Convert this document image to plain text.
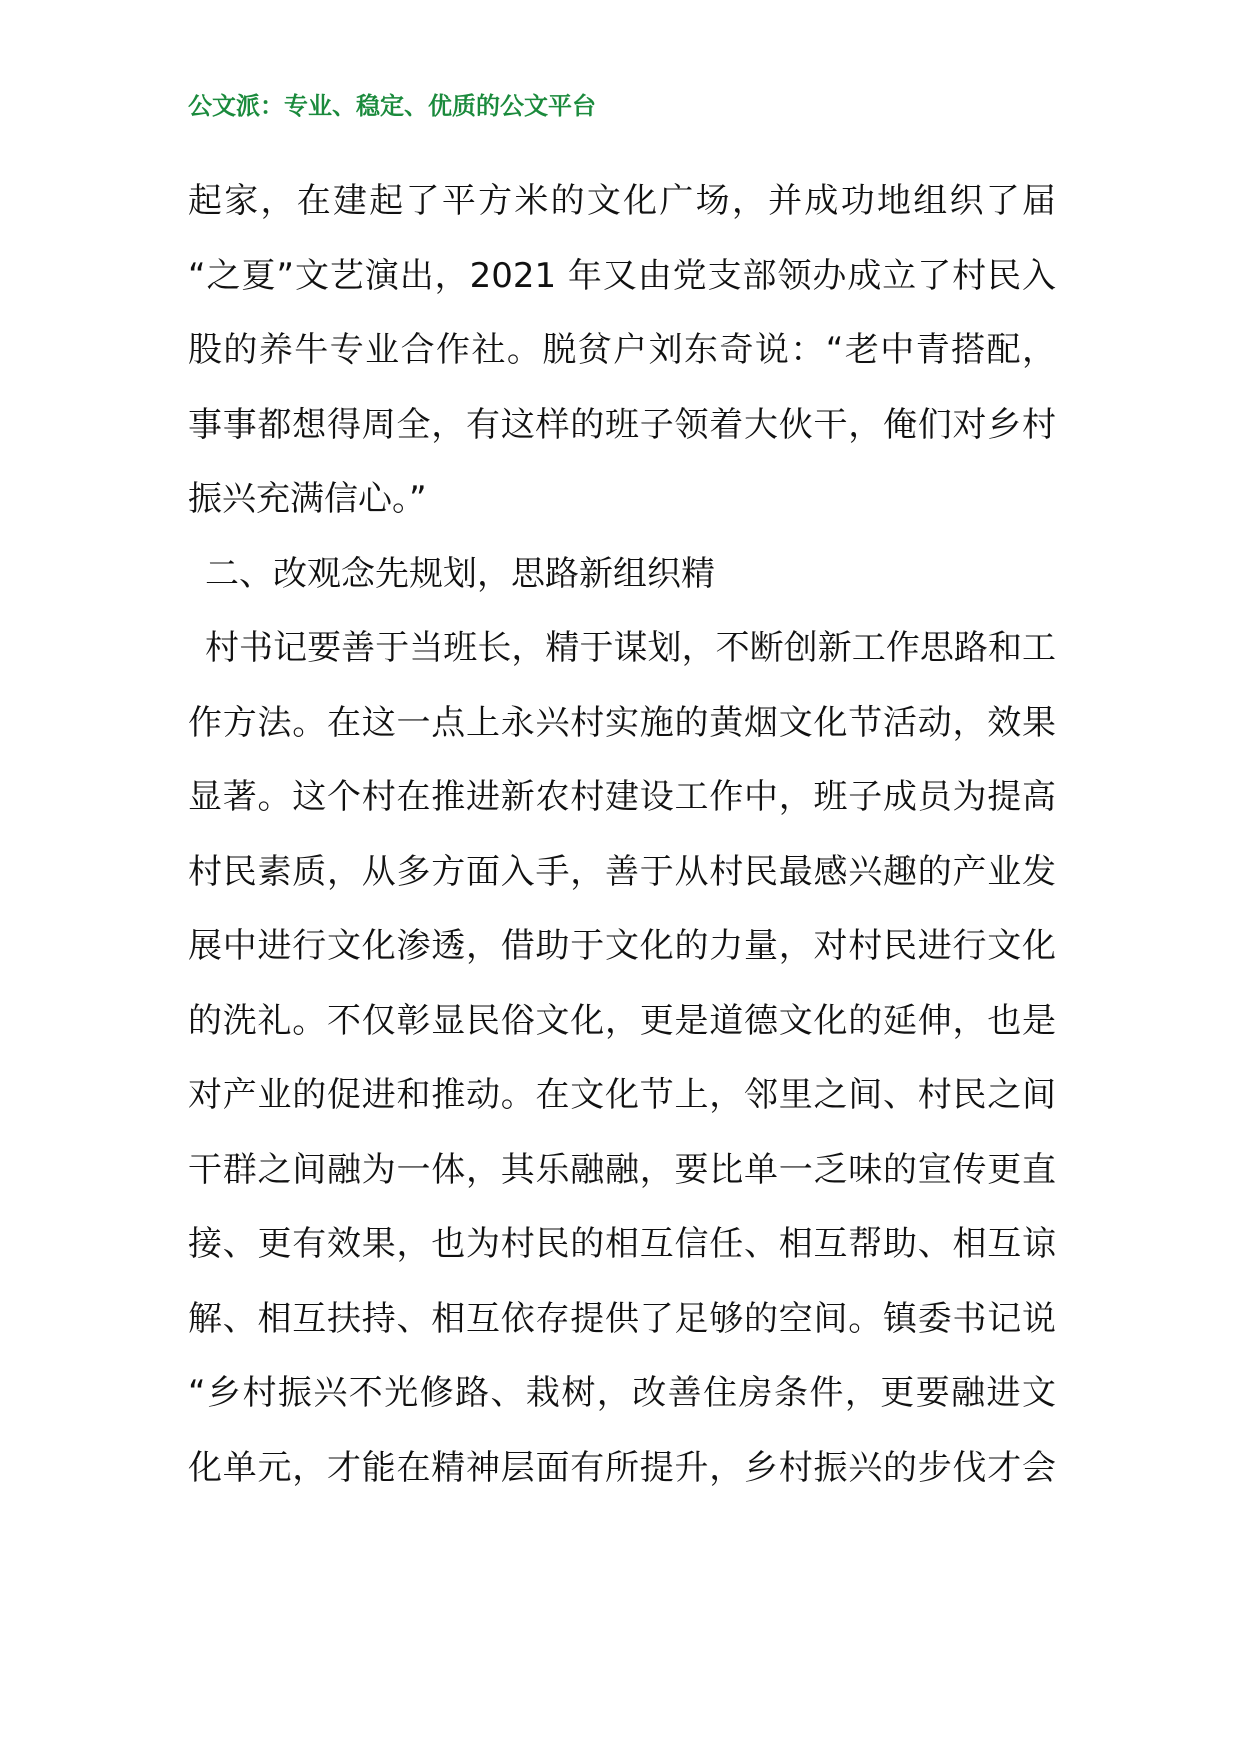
公文派：专业、稳定、优质的公文平台
起家，在建起了平方米的文化广场，并成功地组织了届
“之夏”文艺演出，2021 年又由党支部领办成立了村民入
股的养牛专业合作社。脱贫户刘东奇说：“老中青搭配，
事事都想得周全，有这样的班子领着大伙干，俺们对乡村
振兴充满信心。”
二、改观念先规划，思路新组织精
村书记要善于当班长，精于谋划，不断创新工作思路和工
作方法。在这一点上永兴村实施的黄烟文化节活动，效果
显著。这个村在推进新农村建设工作中，班子成员为提高
村民素质，从多方面入手，善于从村民最感兴趣的产业发
展中进行文化渗透，借助于文化的力量，对村民进行文化
的洗礼。不仅彰显民俗文化，更是道德文化的延伸，也是
对产业的促进和推动。在文化节上，邻里之间、村民之间
干群之间融为一体，其乐融融，要比单一乏味的宣传更直
接、更有效果，也为村民的相互信任、相互帮助、相互谅
解、相互扶持、相互依存提供了足够的空间。镇委书记说
“乡村振兴不光修路、栽树，改善住房条件，更要融进文
化单元，才能在精神层面有所提升，乡村振兴的步伐才会
